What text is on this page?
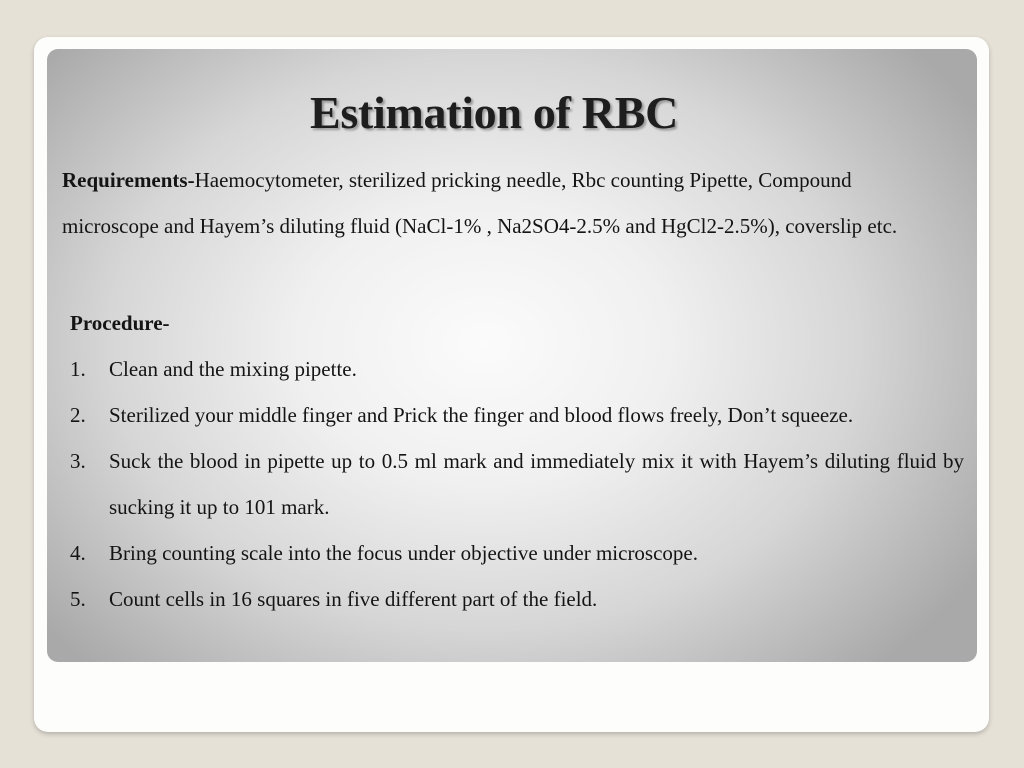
Estimation of RBC

Requirements-Haemocytometer, sterilized pricking needle, Rbc counting Pipette, Compound microscope and Hayem’s diluting fluid (NaCl-1% , Na2SO4-2.5% and HgCl2-2.5%), coverslip etc.

Procedure-

1.	Clean and the mixing pipette.
2.	Sterilized your middle finger and Prick the finger and blood flows freely, Don’t squeeze.
3.	Suck the blood in pipette up to 0.5 ml mark and immediately mix it with Hayem’s diluting fluid by sucking it up to 101 mark.
4.	Bring counting scale into the focus under objective under microscope.
5.	Count cells in 16 squares in five different part of the field.
